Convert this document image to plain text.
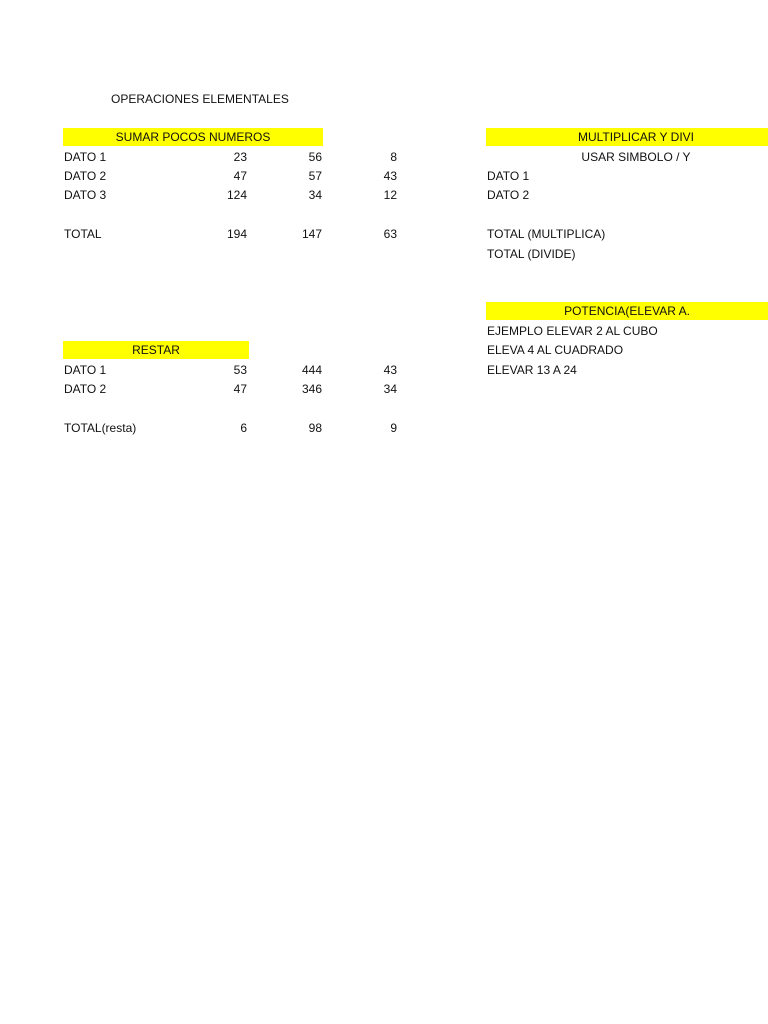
OPERACIONES ELEMENTALES
SUMAR POCOS NUMEROS
DATO 1	23	56	8
DATO 2	47	57	43
DATO 3	124	34	12
TOTAL	194	147	63
RESTAR
DATO 1	53	444	43
DATO 2	47	346	34
TOTAL(resta)	6	98	9
MULTIPLICAR Y DIVI
USAR SIMBOLO / Y
DATO 1
DATO 2
TOTAL (MULTIPLICA)
TOTAL (DIVIDE)
POTENCIA(ELEVAR A.
EJEMPLO ELEVAR 2 AL CUBO
ELEVA 4 AL CUADRADO
ELEVAR 13 A 24
